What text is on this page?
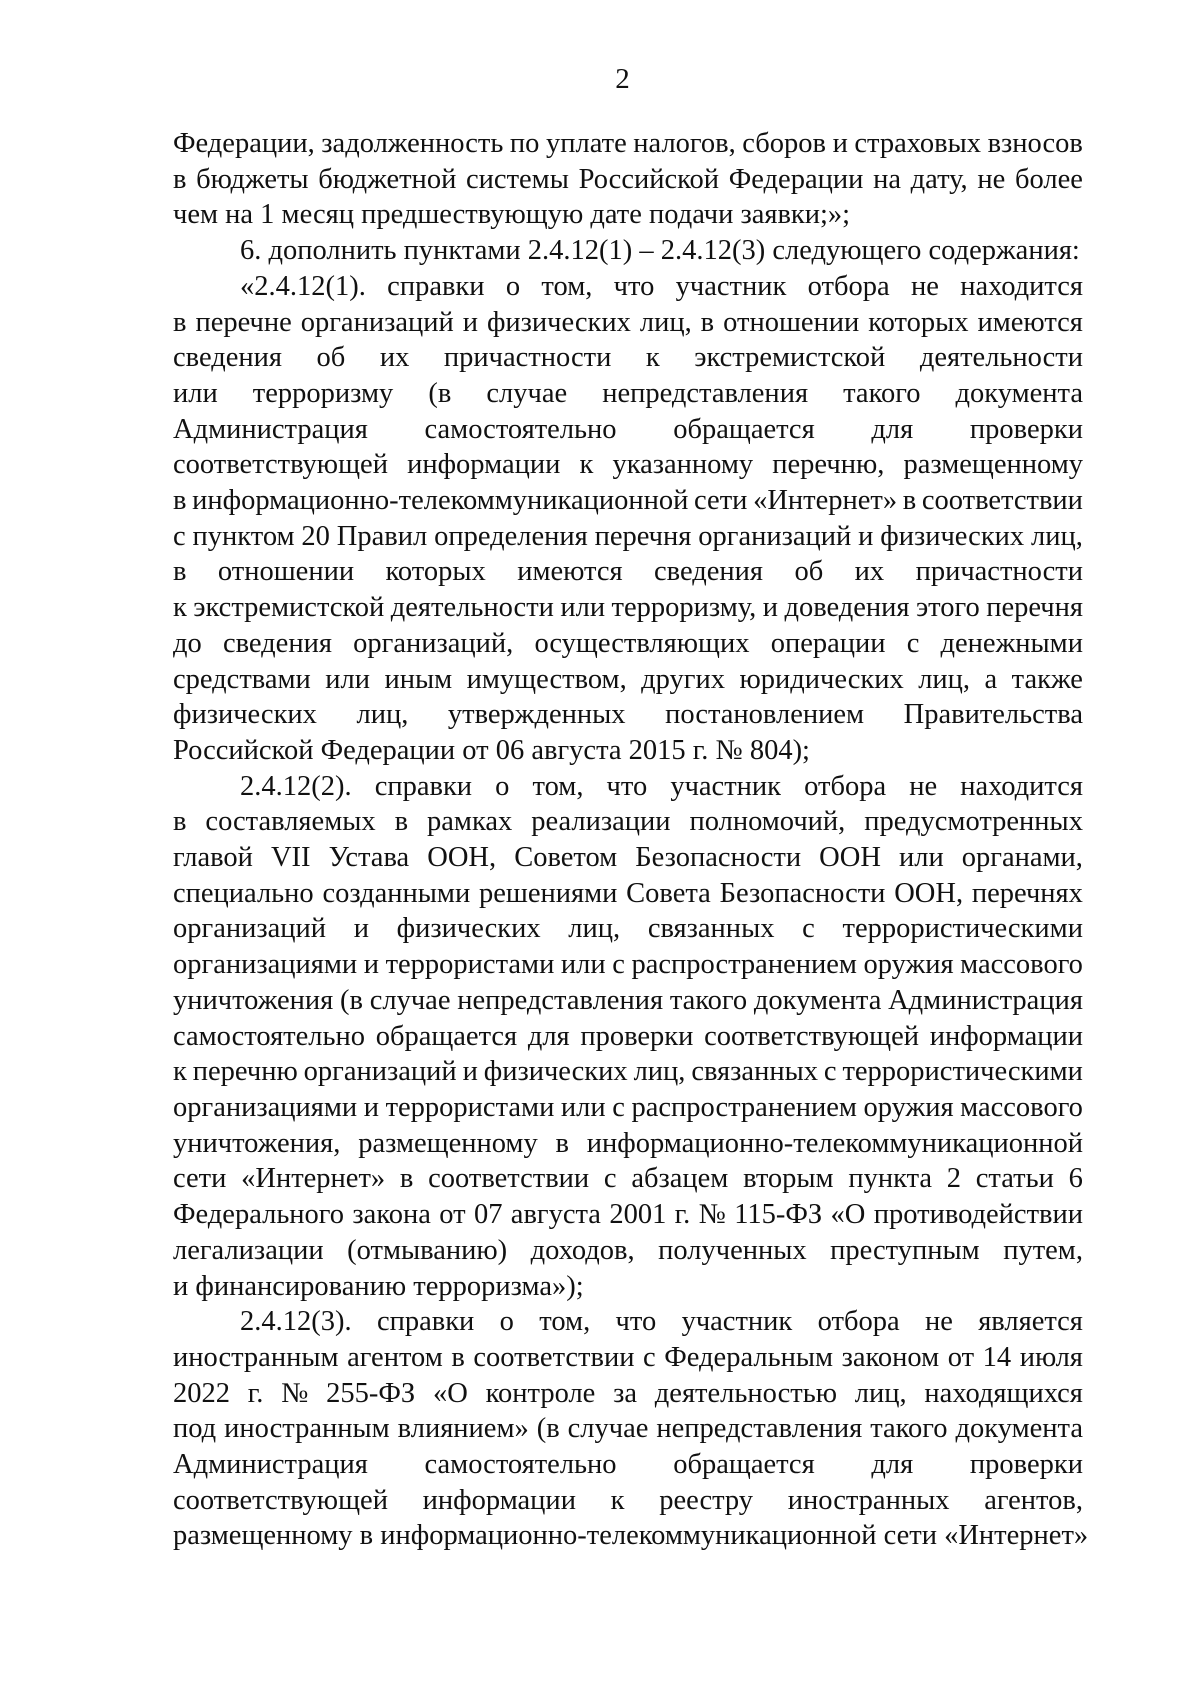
2
Федерации, задолженность по уплате налогов, сборов и страховых взносов
в бюджеты бюджетной системы Российской Федерации на дату, не более
чем на 1 месяц предшествующую дате подачи заявки;»;
6. дополнить пунктами 2.4.12(1) – 2.4.12(3) следующего содержания:
«2.4.12(1). справки о том, что участник отбора не находится
в перечне организаций и физических лиц, в отношении которых имеются
сведения об их причастности к экстремистской деятельности
или терроризму (в случае непредставления такого документа
Администрация самостоятельно обращается для проверки
соответствующей информации к указанному перечню, размещенному
в информационно-телекоммуникационной сети «Интернет» в соответствии
с пунктом 20 Правил определения перечня организаций и физических лиц,
в отношении которых имеются сведения об их причастности
к экстремистской деятельности или терроризму, и доведения этого перечня
до сведения организаций, осуществляющих операции с денежными
средствами или иным имуществом, других юридических лиц, а также
физических лиц, утвержденных постановлением Правительства
Российской Федерации от 06 августа 2015 г. № 804);
2.4.12(2). справки о том, что участник отбора не находится
в составляемых в рамках реализации полномочий, предусмотренных
главой VII Устава ООН, Советом Безопасности ООН или органами,
специально созданными решениями Совета Безопасности ООН, перечнях
организаций и физических лиц, связанных с террористическими
организациями и террористами или с распространением оружия массового
уничтожения (в случае непредставления такого документа Администрация
самостоятельно обращается для проверки соответствующей информации
к перечню организаций и физических лиц, связанных с террористическими
организациями и террористами или с распространением оружия массового
уничтожения, размещенному в информационно-телекоммуникационной
сети «Интернет» в соответствии с абзацем вторым пункта 2 статьи 6
Федерального закона от 07 августа 2001 г. № 115-ФЗ «О противодействии
легализации (отмыванию) доходов, полученных преступным путем,
и финансированию терроризма»);
2.4.12(3). справки о том, что участник отбора не является
иностранным агентом в соответствии с Федеральным законом от 14 июля
2022 г. № 255-ФЗ «О контроле за деятельностью лиц, находящихся
под иностранным влиянием» (в случае непредставления такого документа
Администрация самостоятельно обращается для проверки
соответствующей информации к реестру иностранных агентов,
размещенному в информационно-телекоммуникационной сети «Интернет»
